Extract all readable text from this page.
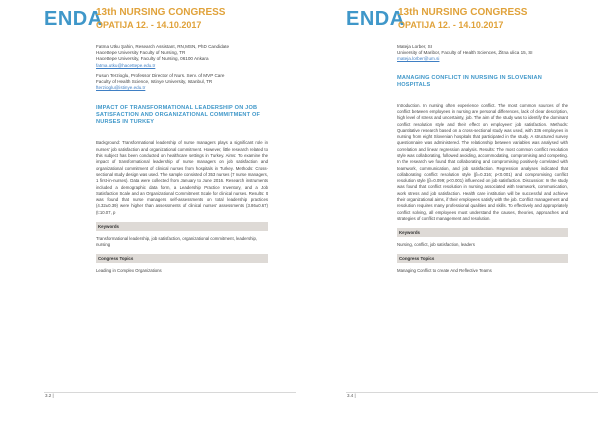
ENDA
13th NURSING CONGRESS
OPATIJA 12. - 14.10.2017
Fatma Utku Şahin, Research Assistant, RN,MSN, PhD Candidate
Hacettepe University Faculty of Nursing, TR
Hacettepe University, Faculty of Nursing, 06100 Ankara
fatma.utku@hacettepe.edu.tr
Fusun Terzioglu, Professor Director of Nurs. Serv. of MVP Care
Faculty of Health Science, Istinye University, Istanbul, TR
fterzioglu@istinye.edu.tr
IMPACT OF TRANSFORMATIONAL LEADERSHIP ON JOB SATISFACTION AND ORGANIZATIONAL COMMITMENT OF NURSES IN TURKEY
Background: Transformational leadership of nurse managers plays a significant role in nurses' job satisfaction and organizational commitment. However, little research related to this subject has been conducted on healthcare settings in Turkey. Aims: To examine the impact of transformational leadership of nurse managers on job satisfaction and organizational commitment of clinical nurses from hospitals in Turkey. Methods: Cross-sectional study design was used. The sample consisted of 353 nurses (7 nurse managers, 1 first-in-nurses). Data were collected from January to June 2016. Research instruments included a demographic data form, a Leadership Practice Inventory, and a Job Satisfaction Scale and an Organizational Commitment Scale for clinical nurses. Results: It was found that nurse managers self-assessments on total leadership practices (4.32±0.39) were higher than assessments of clinical nurses' assessments (3.86±0.67) (t:10.07, p
Keywords
Transformational leadership, job satisfaction, organizational commitment, leadership, nursing
Congress Topics
Leading in Complex Organizations
3.2 |
ENDA
13th NURSING CONGRESS
OPATIJA 12. - 14.10.2017
Mateja Lorber, SI
University of Maribor, Faculty of Health Sciences, Žitna ulica 15, SI
mateja.lorber@um.si
MANAGING CONFLICT IN NURSING IN SLOVENIAN HOSPITALS
Introduction. In nursing often experience conflict. The most common sources of the conflict between employees in nursing are personal differences, lack of clear description, high level of stress and uncertainty, job. The aim of the study was to identify the dominant conflict resolution style and their effect on employees' job satisfaction. Methods: Quantitative research based on a cross-sectional study was used, with 336 employees in nursing from eight Slovenian hospitals that participated in the study. A structured survey questionnaire was administered. The relationship between variables was analysed with correlation and linear regression analysis. Results: The most common conflict resolution style was collaborating, followed avoiding, accommodating, compromising and competing. In the research we found that collaborating and compromising positively correlated with teamwork, communication, and job satisfaction. Regression analyses indicated that collaborating conflict resolution style (β=0.316; p<0.001) and compromising conflict resolution style (β=0.099; p<0.001) influenced on job satisfaction. Discussion: In the study was found that conflict resolution in nursing associated with teamwork, communication, work stress and job satisfaction. Health care institution will be successful and achieve their organizational aims, if their employees satisfy with the job. Conflict management and resolution requires many professional qualities and skills. To effectively and appropriately conflict solving, all employees must understand the causes, theories, approaches and strategies of conflict management and resolution.
Keywords
Nursing, conflict, job satisfaction, leaders
Congress Topics
Managing Conflict to create And Reflective Teams
3.4 |
